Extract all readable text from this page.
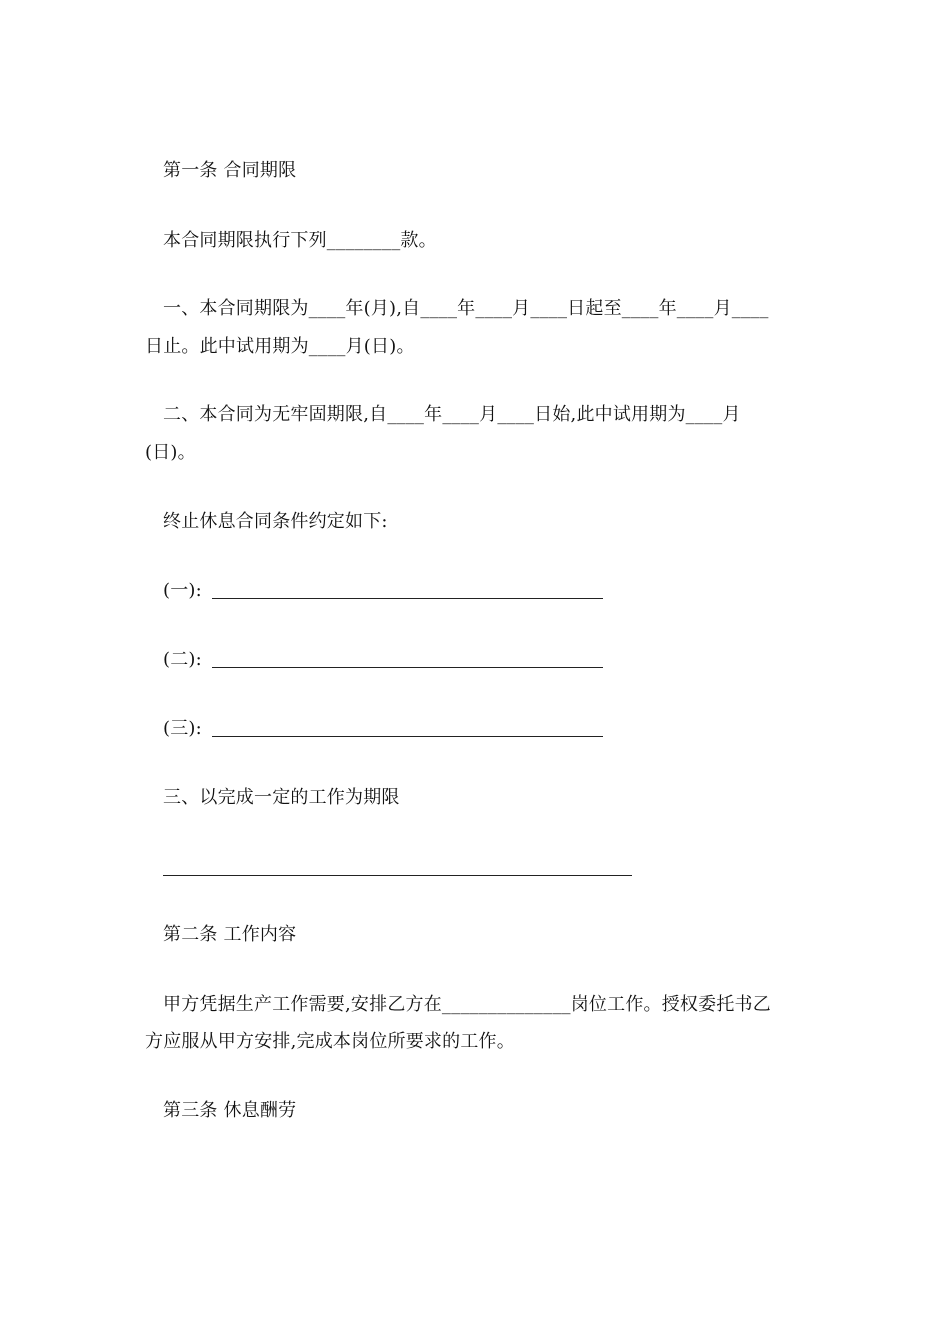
第一条 合同期限
本合同期限执行下列________款。
一、本合同期限为____年(月),自____年____月____日起至____年____月____
日止。此中试用期为____月(日)。
二、本合同为无牢固期限,自____年____月____日始,此中试用期为____月
(日)。
终止休息合同条件约定如下:
(一):
(二):
(三):
三、以完成一定的工作为期限
第二条 工作内容
甲方凭据生产工作需要,安排乙方在______________岗位工作。授权委托书乙
方应服从甲方安排,完成本岗位所要求的工作。
第三条 休息酬劳
